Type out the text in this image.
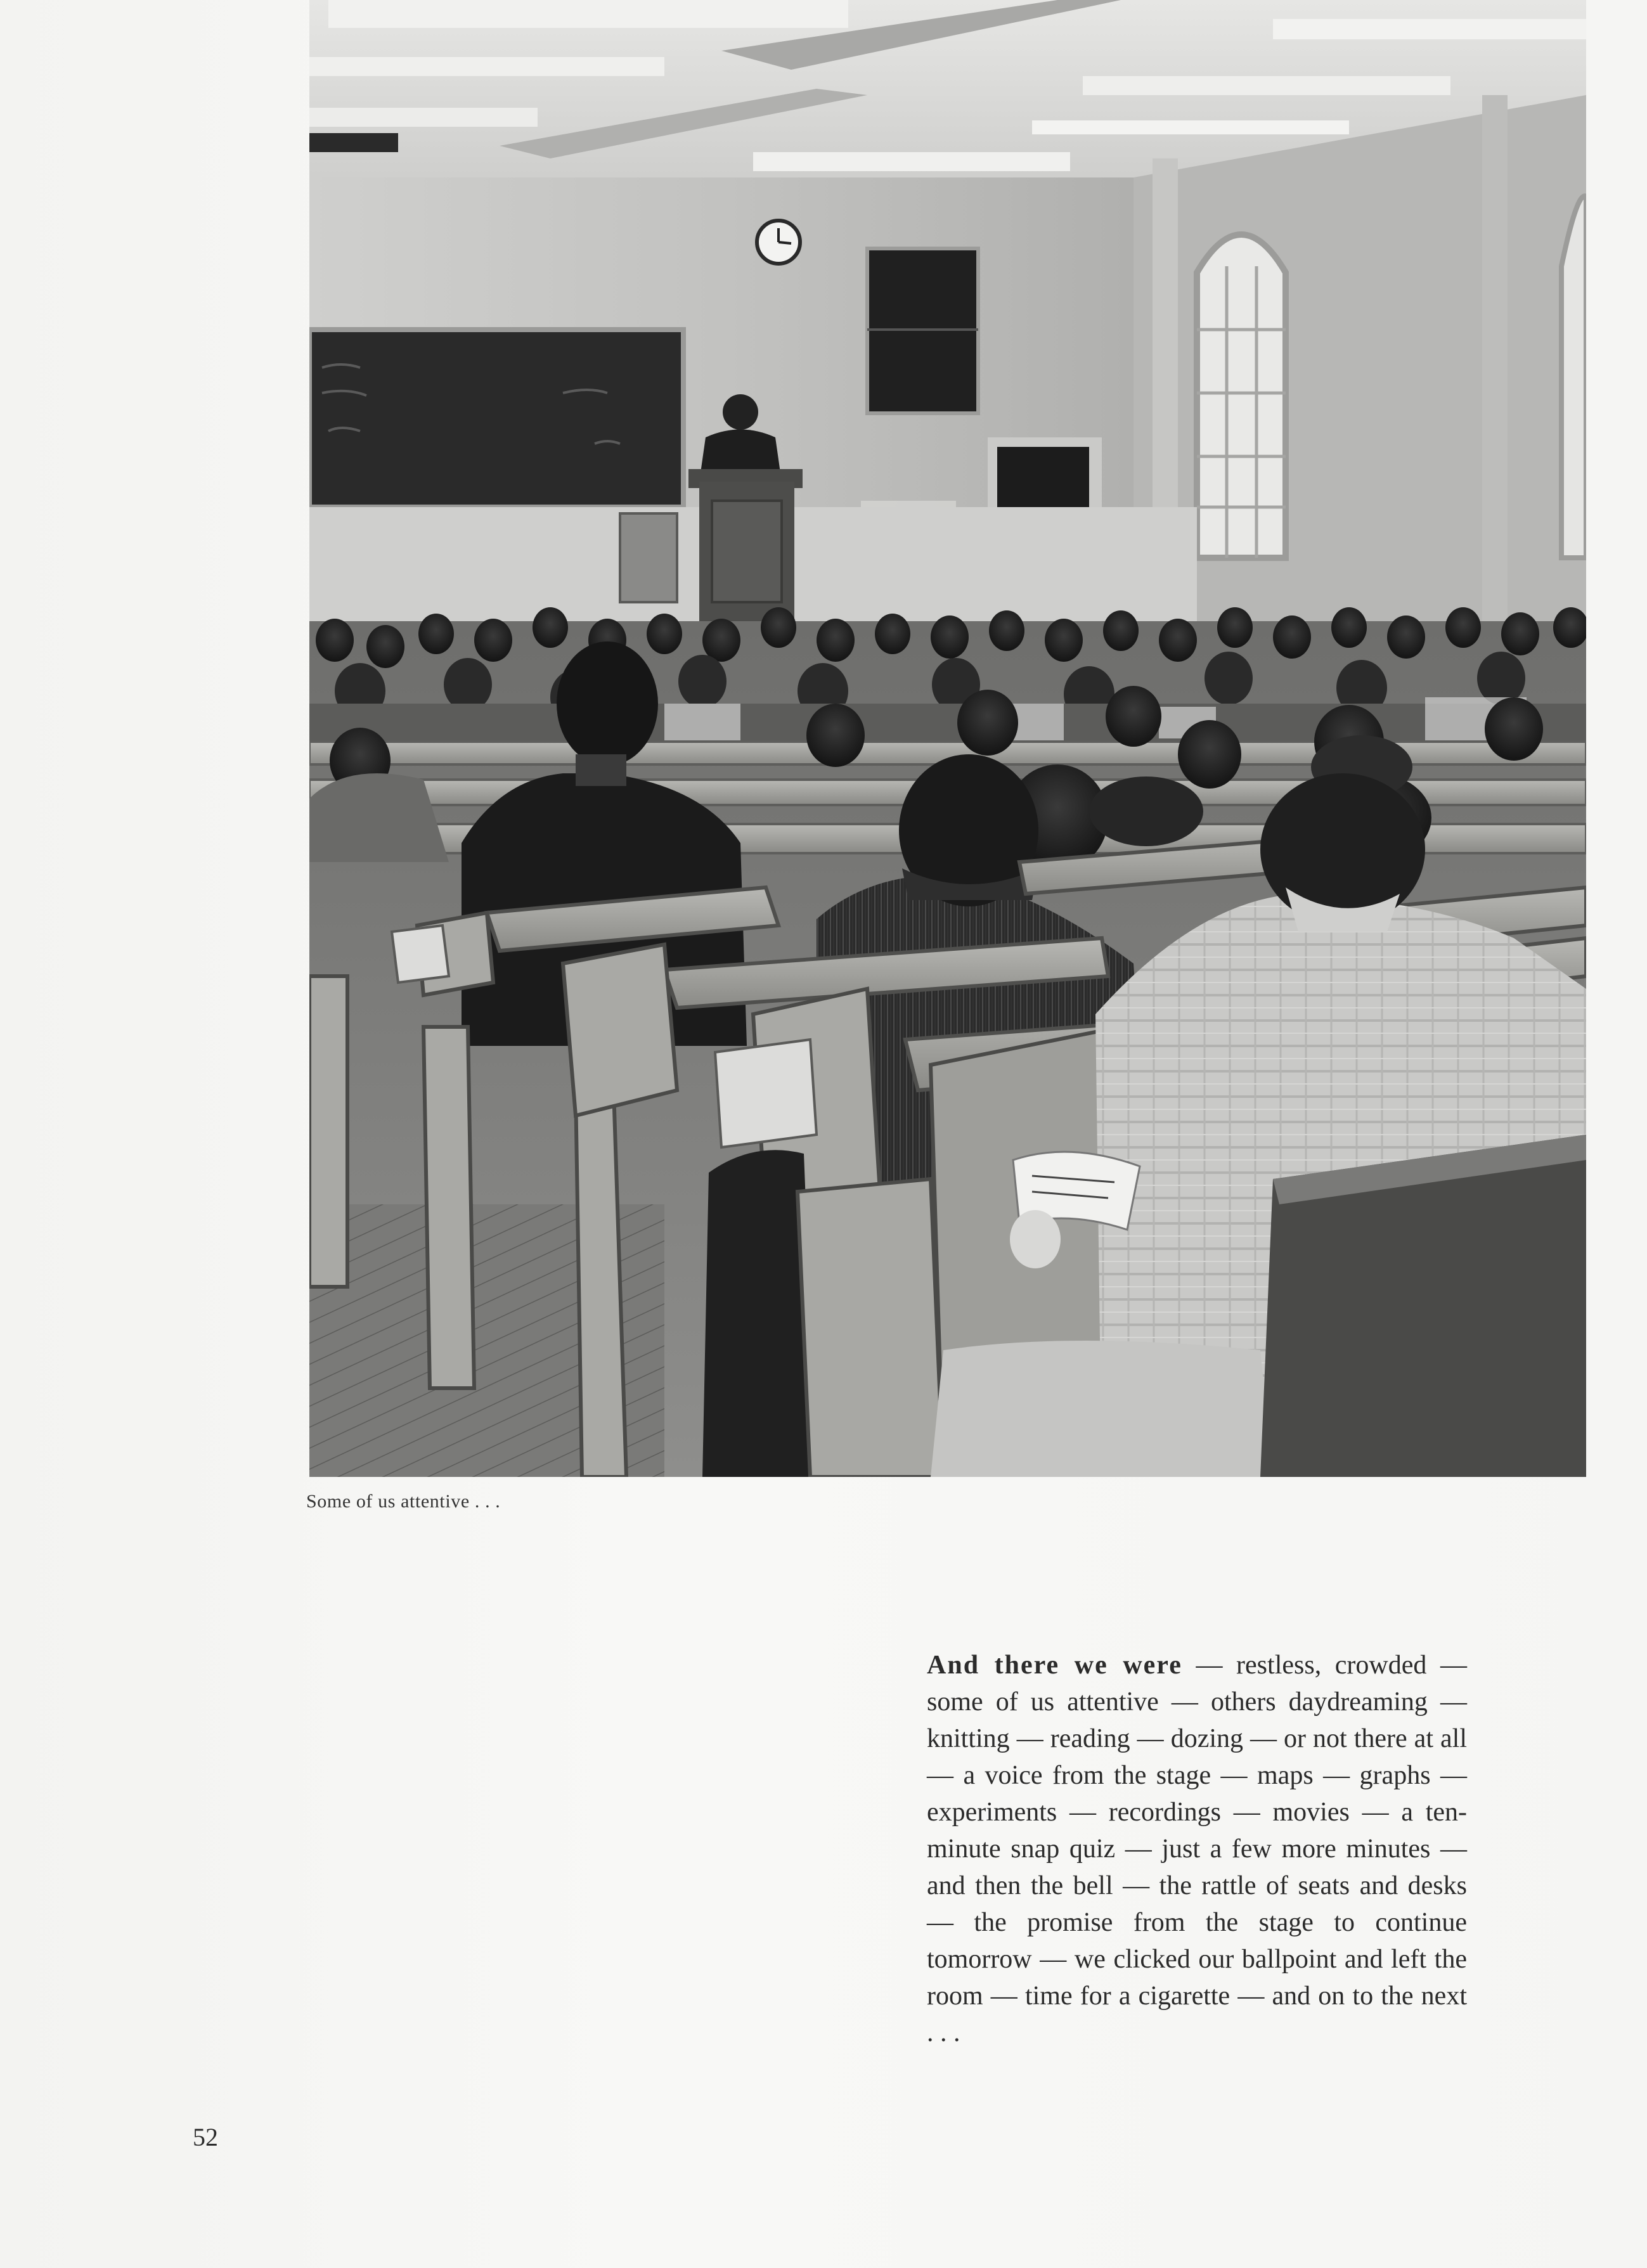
Some of us attentive . . .

And there we were — restless, crowded — some of us attentive — others daydreaming — knitting — reading — dozing — or not there at all — a voice from the stage — maps — graphs — experiments — recordings — movies — a ten-minute snap quiz — just a few more minutes — and then the bell — the rattle of seats and desks — the promise from the stage to continue tomorrow — we clicked our ballpoint and left the room — time for a cigarette — and on to the next . . .

52
